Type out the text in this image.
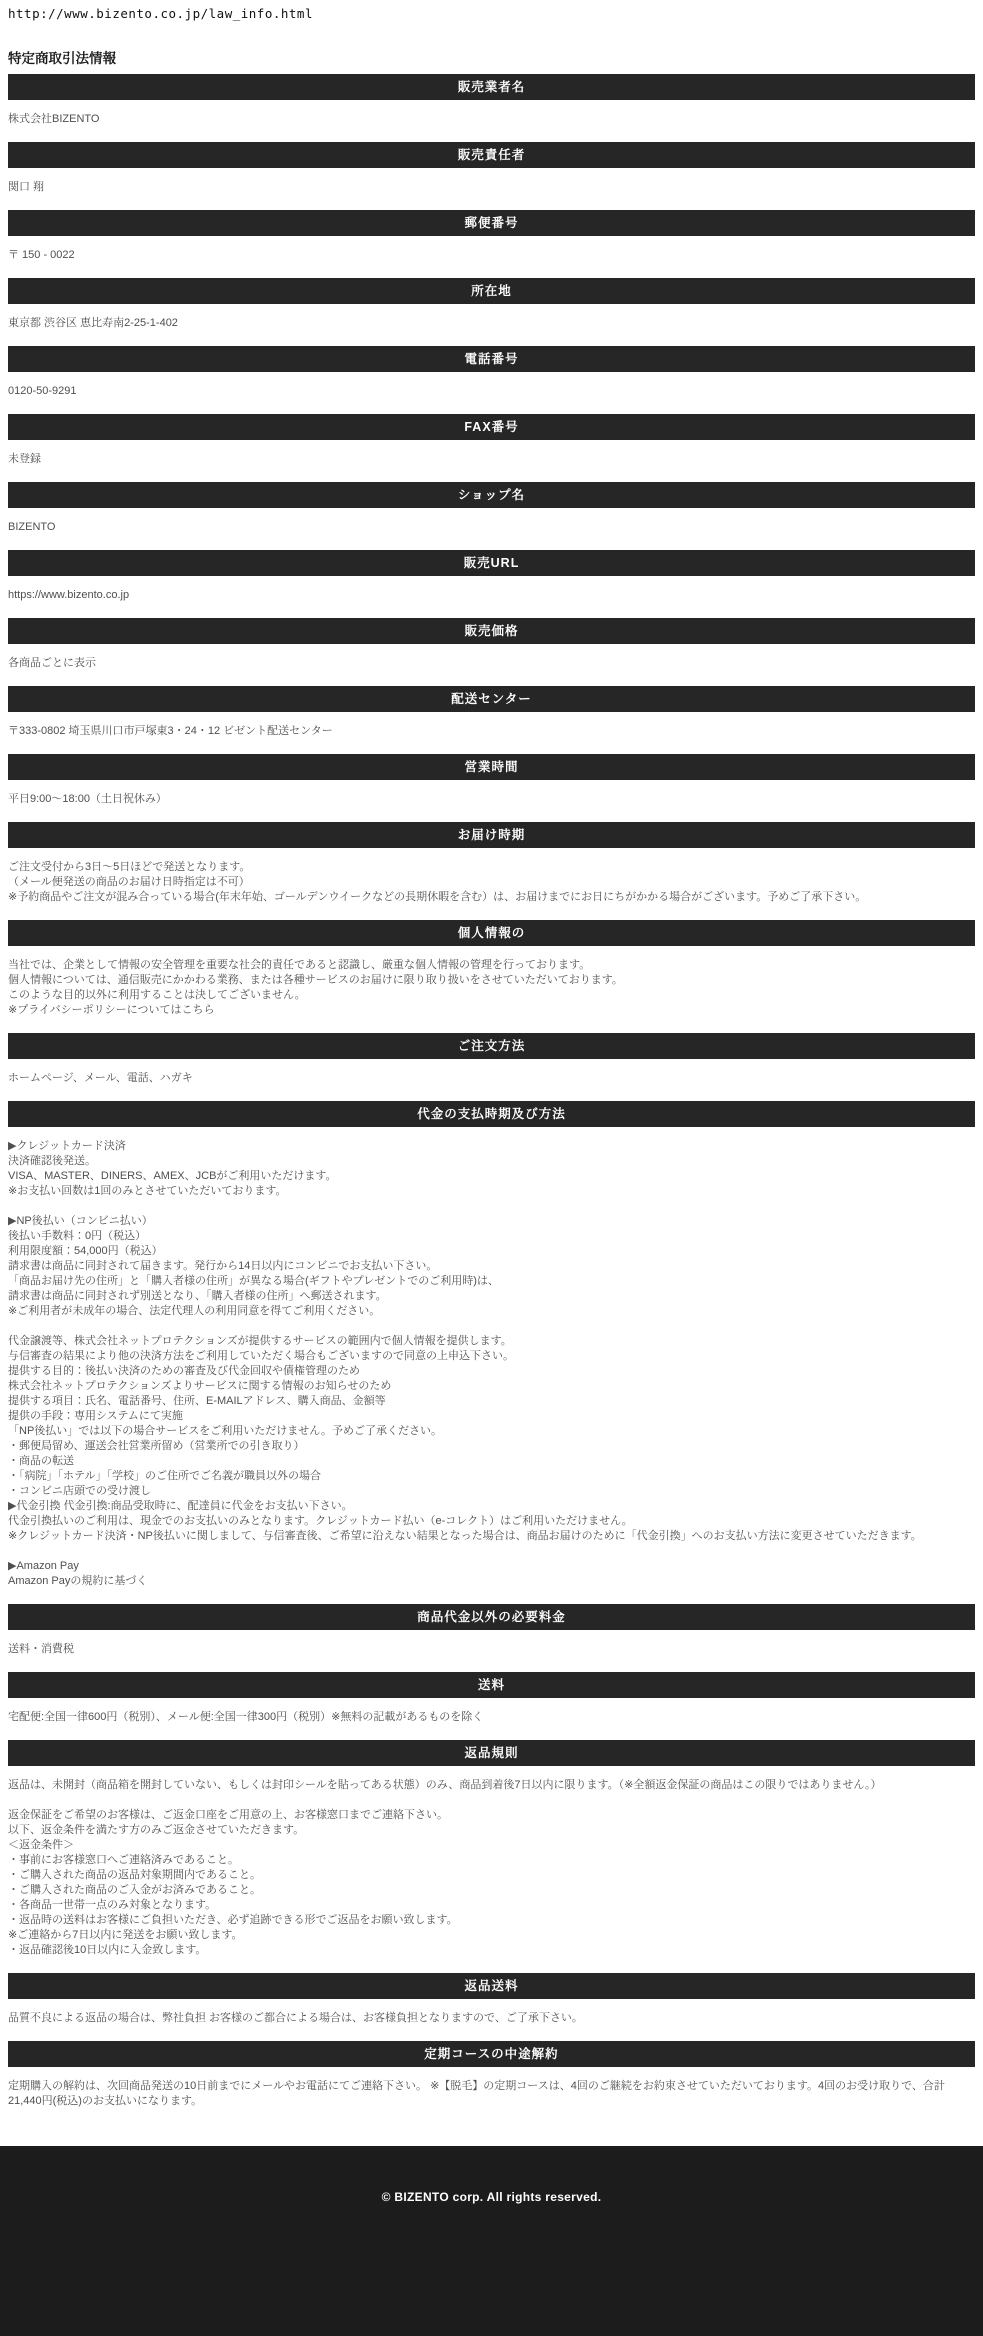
http://www.bizento.co.jp/law_info.html
特定商取引法情報
販売業者名
株式会社BIZENTO
販売責任者
関口 翔
郵便番号
〒 150 - 0022
所在地
東京都 渋谷区 恵比寿南2-25-1-402
電話番号
0120-50-9291
FAX番号
未登録
ショップ名
BIZENTO
販売URL
https://www.bizento.co.jp
販売価格
各商品ごとに表示
配送センター
〒333-0802 埼玉県川口市戸塚東3・24・12 ビゼント配送センター
営業時間
平日9:00〜18:00（土日祝休み）
お届け時期
ご注文受付から3日〜5日ほどで発送となります。
（メール便発送の商品のお届け日時指定は不可）
※予約商品やご注文が混み合っている場合(年末年始、ゴールデンウイークなどの長期休暇を含む）は、お届けまでにお日にちがかかる場合がございます。予めご了承下さい。
個人情報の
当社では、企業として情報の安全管理を重要な社会的責任であると認識し、厳重な個人情報の管理を行っております。
個人情報については、通信販売にかかわる業務、または各種サービスのお届けに限り取り扱いをさせていただいております。
このような目的以外に利用することは決してございません。
※プライバシーポリシーについてはこちら
ご注文方法
ホームページ、メール、電話、ハガキ
代金の支払時期及び方法
▶クレジットカード決済
決済確認後発送。
VISA、MASTER、DINERS、AMEX、JCBがご利用いただけます。
※お支払い回数は1回のみとさせていただいております。
▶NP後払い（コンビニ払い）
後払い手数料：0円（税込）
利用限度額：54,000円（税込）
請求書は商品に同封されて届きます。発行から14日以内にコンビニでお支払い下さい。
「商品お届け先の住所」と「購入者様の住所」が異なる場合(ギフトやプレゼントでのご利用時)は、
請求書は商品に同封されず別送となり、「購入者様の住所」へ郵送されます。
※ご利用者が未成年の場合、法定代理人の利用同意を得てご利用ください。
代金譲渡等、株式会社ネットプロテクションズが提供するサービスの範囲内で個人情報を提供します。
与信審査の結果により他の決済方法をご利用していただく場合もございますので同意の上申込下さい。
提供する目的：後払い決済のための審査及び代金回収や債権管理のため
株式会社ネットプロテクションズよりサービスに関する情報のお知らせのため
提供する項目：氏名、電話番号、住所、E-MAILアドレス、購入商品、金額等
提供の手段：専用システムにて実施
「NP後払い」では以下の場合サービスをご利用いただけません。予めご了承ください。
・郵便局留め、運送会社営業所留め（営業所での引き取り）
・商品の転送
・「病院」「ホテル」「学校」のご住所でご名義が職員以外の場合
・コンビニ店頭での受け渡し
▶代金引換 代金引換:商品受取時に、配達員に代金をお支払い下さい。
代金引換払いのご利用は、現金でのお支払いのみとなります。クレジットカード払い（e-コレクト）はご利用いただけません。
※クレジットカード決済・NP後払いに関しまして、与信審査後、ご希望に沿えない結果となった場合は、商品お届けのために「代金引換」へのお支払い方法に変更させていただきます。
▶Amazon Pay
Amazon Payの規約に基づく
商品代金以外の必要料金
送料・消費税
送料
宅配便:全国一律600円（税別）、メール便:全国一律300円（税別）※無料の記載があるものを除く
返品規則
返品は、未開封（商品箱を開封していない、もしくは封印シールを貼ってある状態）のみ、商品到着後7日以内に限ります。（※全額返金保証の商品はこの限りではありません。）
返金保証をご希望のお客様は、ご返金口座をご用意の上、お客様窓口までご連絡下さい。
以下、返金条件を満たす方のみご返金させていただきます。
＜返金条件＞
・事前にお客様窓口へご連絡済みであること。
・ご購入された商品の返品対象期間内であること。
・ご購入された商品のご入金がお済みであること。
・各商品一世帯一点のみ対象となります。
・返品時の送料はお客様にご負担いただき、必ず追跡できる形でご返品をお願い致します。
※ご連絡から7日以内に発送をお願い致します。
・返品確認後10日以内に入金致します。
返品送料
品質不良による返品の場合は、弊社負担 お客様のご都合による場合は、お客様負担となりますので、ご了承下さい。
定期コースの中途解約
定期購入の解約は、次回商品発送の10日前までにメールやお電話にてご連絡下さい。 ※【脱毛】の定期コースは、4回のご継続をお約束させていただいております。4回のお受け取りで、合計21,440円(税込)のお支払いになります。
© BIZENTO corp. All rights reserved.
